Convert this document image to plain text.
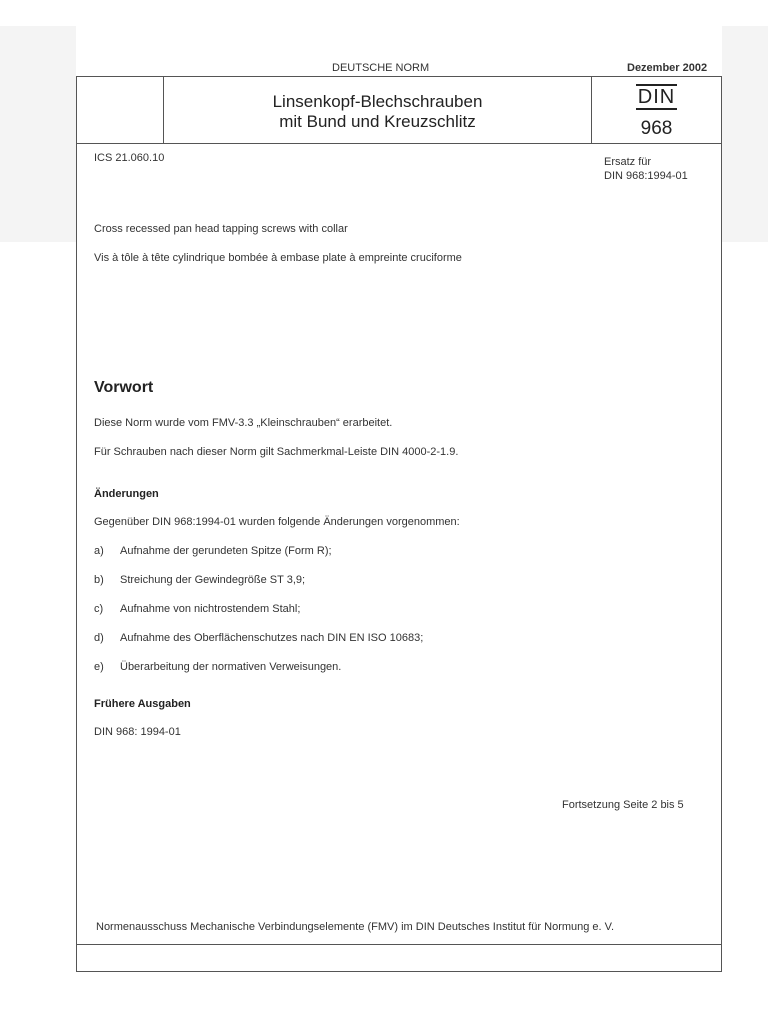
DEUTSCHE NORM	Dezember 2002
Linsenkopf-Blechschrauben
mit Bund und Kreuzschlitz
DIN
968
ICS 21.060.10	Ersatz für
DIN 968:1994-01
Cross recessed pan head tapping screws with collar
Vis à tôle à tête cylindrique bombée à embase plate à empreinte cruciforme
Vorwort
Diese Norm wurde vom FMV-3.3 „Kleinschrauben“ erarbeitet.
Für Schrauben nach dieser Norm gilt Sachmerkmal-Leiste DIN 4000-2-1.9.
Änderungen
Gegenüber DIN 968:1994-01 wurden folgende Änderungen vorgenommen:
a) Aufnahme der gerundeten Spitze (Form R);
b) Streichung der Gewindegröße ST 3,9;
c) Aufnahme von nichtrostendem Stahl;
d) Aufnahme des Oberflächenschutzes nach DIN EN ISO 10683;
e) Überarbeitung der normativen Verweisungen.
Frühere Ausgaben
DIN 968: 1994-01
Fortsetzung Seite 2 bis 5
Normenausschuss Mechanische Verbindungselemente (FMV) im DIN Deutsches Institut für Normung e. V.
